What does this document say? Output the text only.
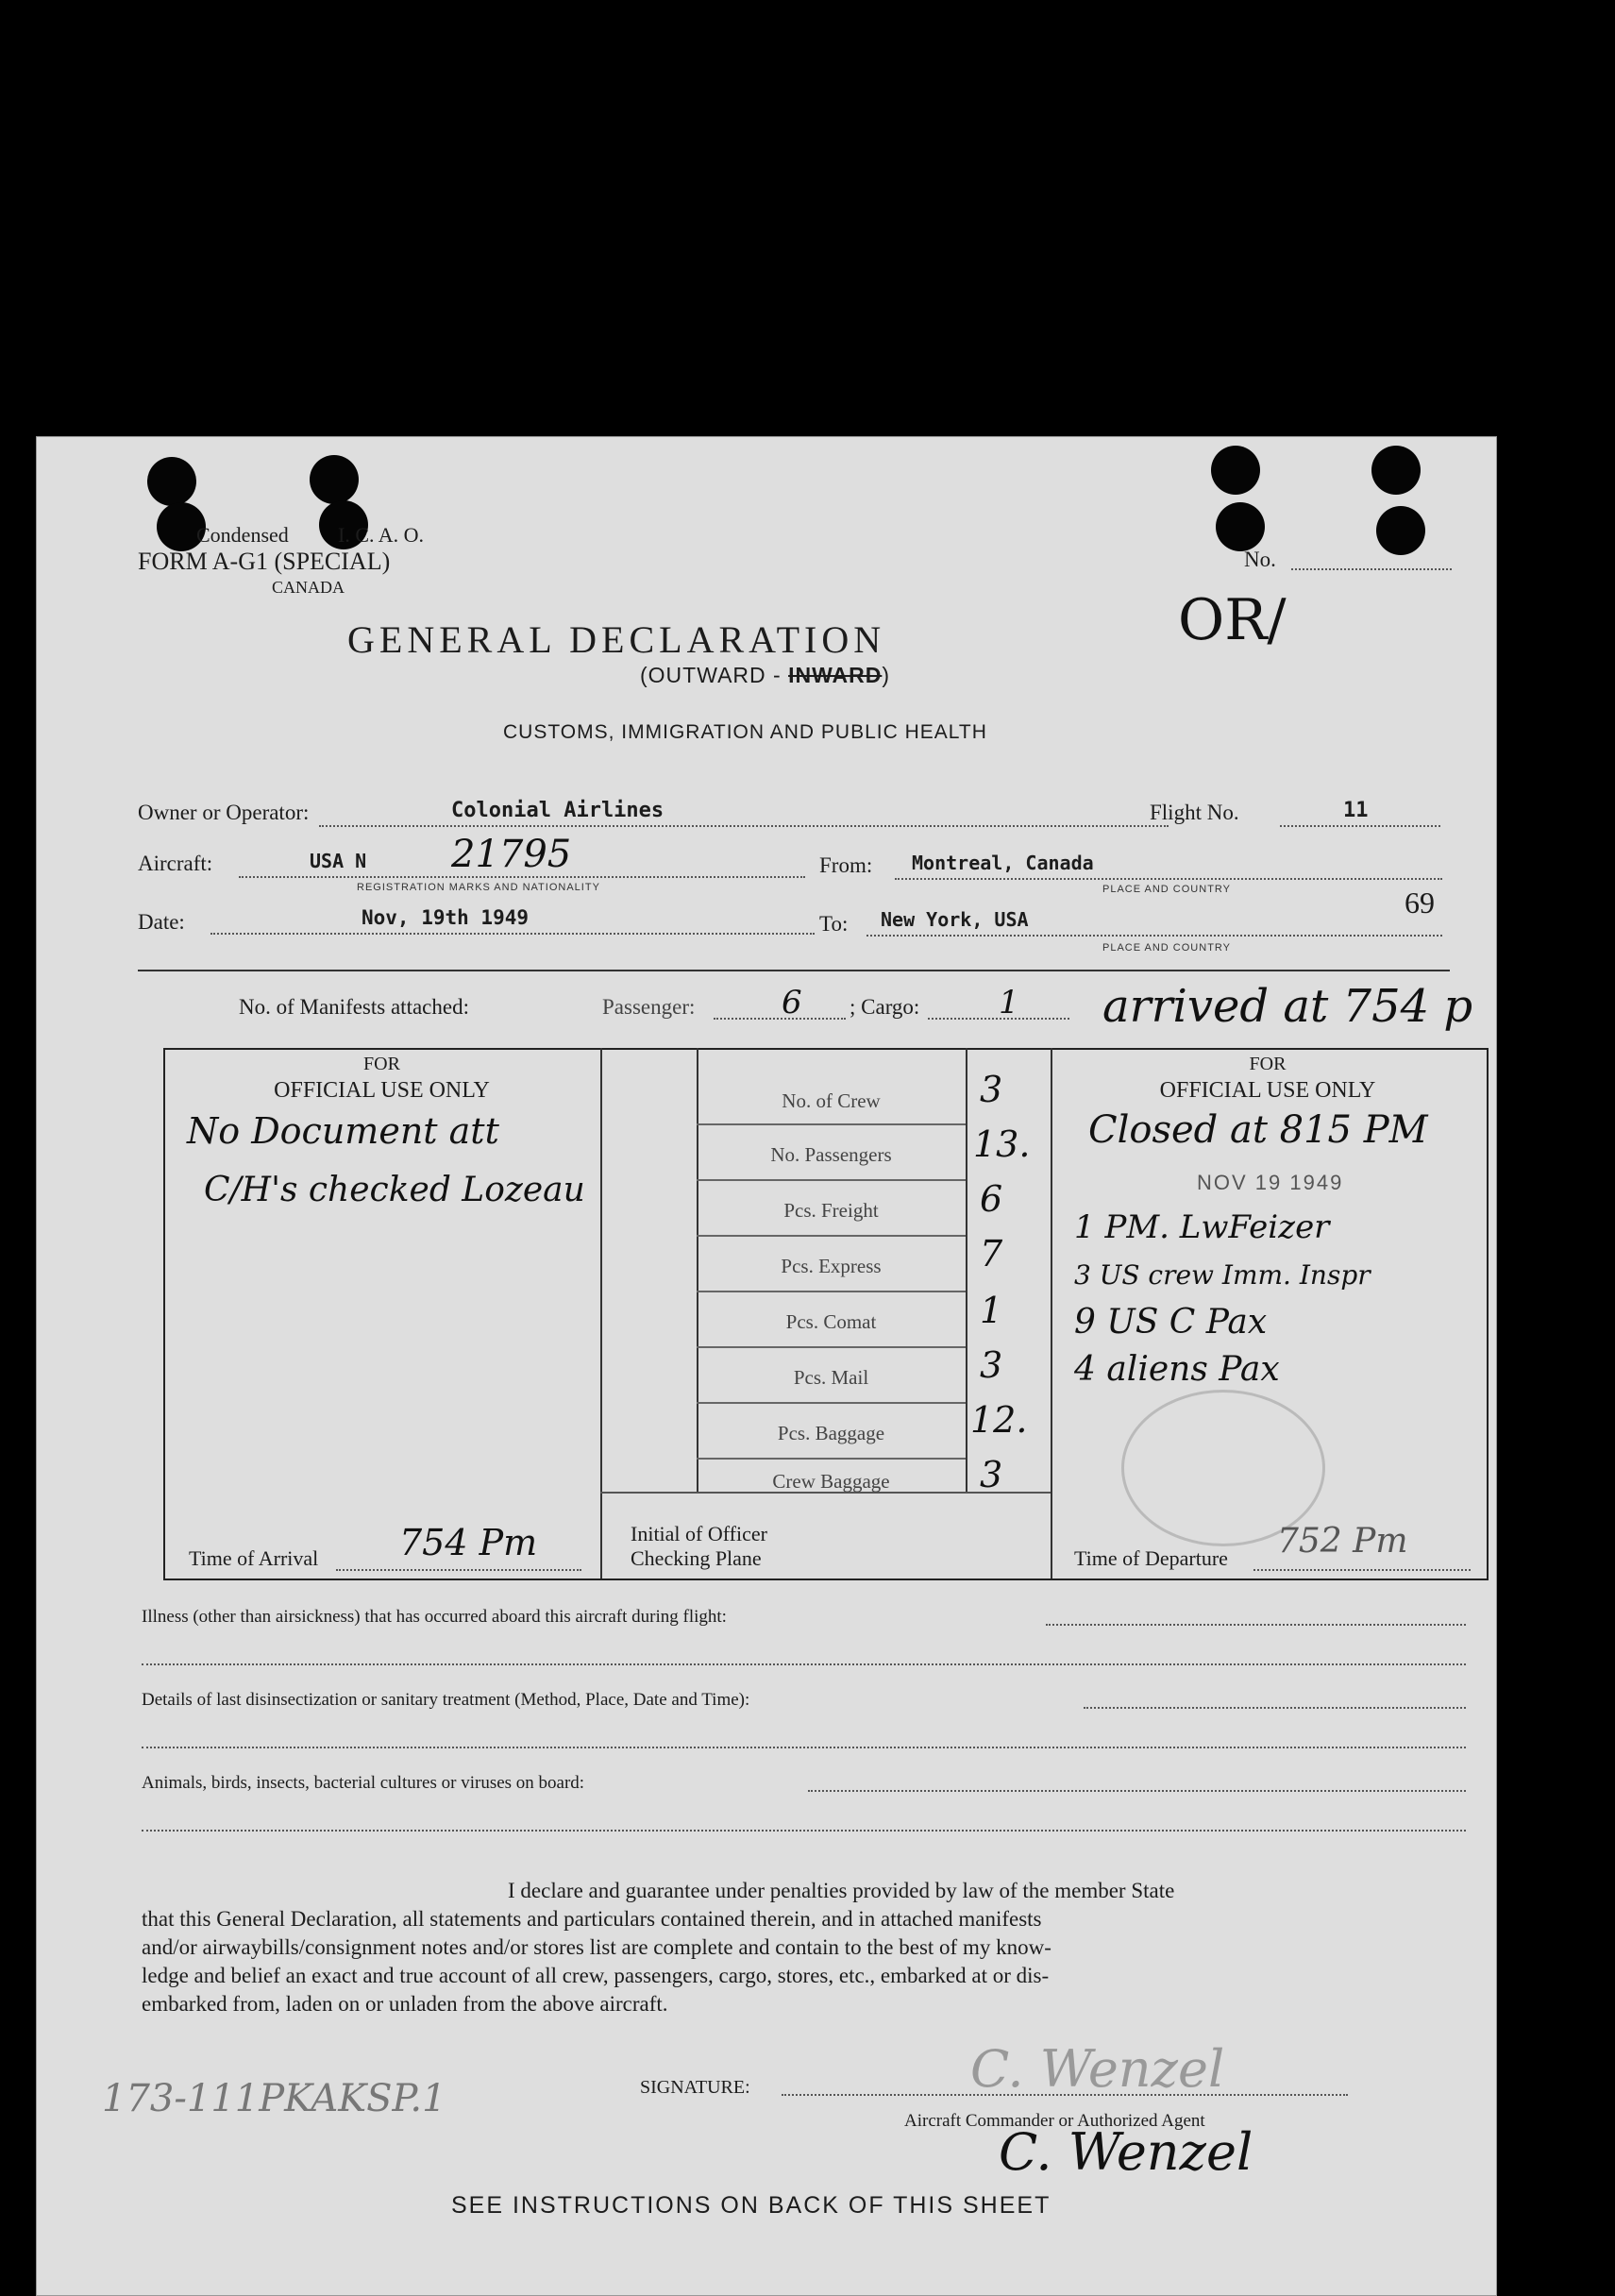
Condensed I. C. A. O.
FORM A-G1 (SPECIAL)
CANADA
No.
OR/
GENERAL DECLARATION
(OUTWARD - INWARD)
CUSTOMS, IMMIGRATION AND PUBLIC HEALTH
Owner or Operator:	Colonial Airlines	Flight No.	11
Aircraft:	USA N 21795
REGISTRATION MARKS AND NATIONALITY
From: Montreal, Canada
PLACE AND COUNTRY	69
Date:	Nov, 19th 1949	To: New York, USA
PLACE AND COUNTRY
No. of Manifests attached:	Passenger:	6 ; Cargo: 1 arrived at 754 p
FOR
OFFICIAL USE ONLY
No Document att
C/H's checked Lozeau
Time of Arrival 754 Pm
No. of Crew	3
No. Passengers	13.
Pcs. Freight	6
Pcs. Express	7
Pcs. Comat	1
Pcs. Mail	3
Pcs. Baggage	12.
Crew Baggage	3
Initial of Officer
Checking Plane
FOR
OFFICIAL USE ONLY
Closed at 815 PM
NOV 19 1949
1 PM. LwFeizer
3 US crew Imm. Inspr
9 US C Pax
4 aliens Pax
Time of Departure 752 Pm
Illness (other than airsickness) that has occurred aboard this aircraft during flight:
Details of last disinsectization or sanitary treatment (Method, Place, Date and Time):
Animals, birds, insects, bacterial cultures or viruses on board:
I declare and guarantee under penalties provided by law of the member State
that this General Declaration, all statements and particulars contained therein, and in attached manifests
and/or airwaybills/consignment notes and/or stores list are complete and contain to the best of my know-
ledge and belief an exact and true account of all crew, passengers, cargo, stores, etc., embarked at or dis-
embarked from, laden on or unladen from the above aircraft.
173-111PKAKSP.1	SIGNATURE:	C. Wenzel
Aircraft Commander or Authorized Agent
C. Wenzel
SEE INSTRUCTIONS ON BACK OF THIS SHEET
